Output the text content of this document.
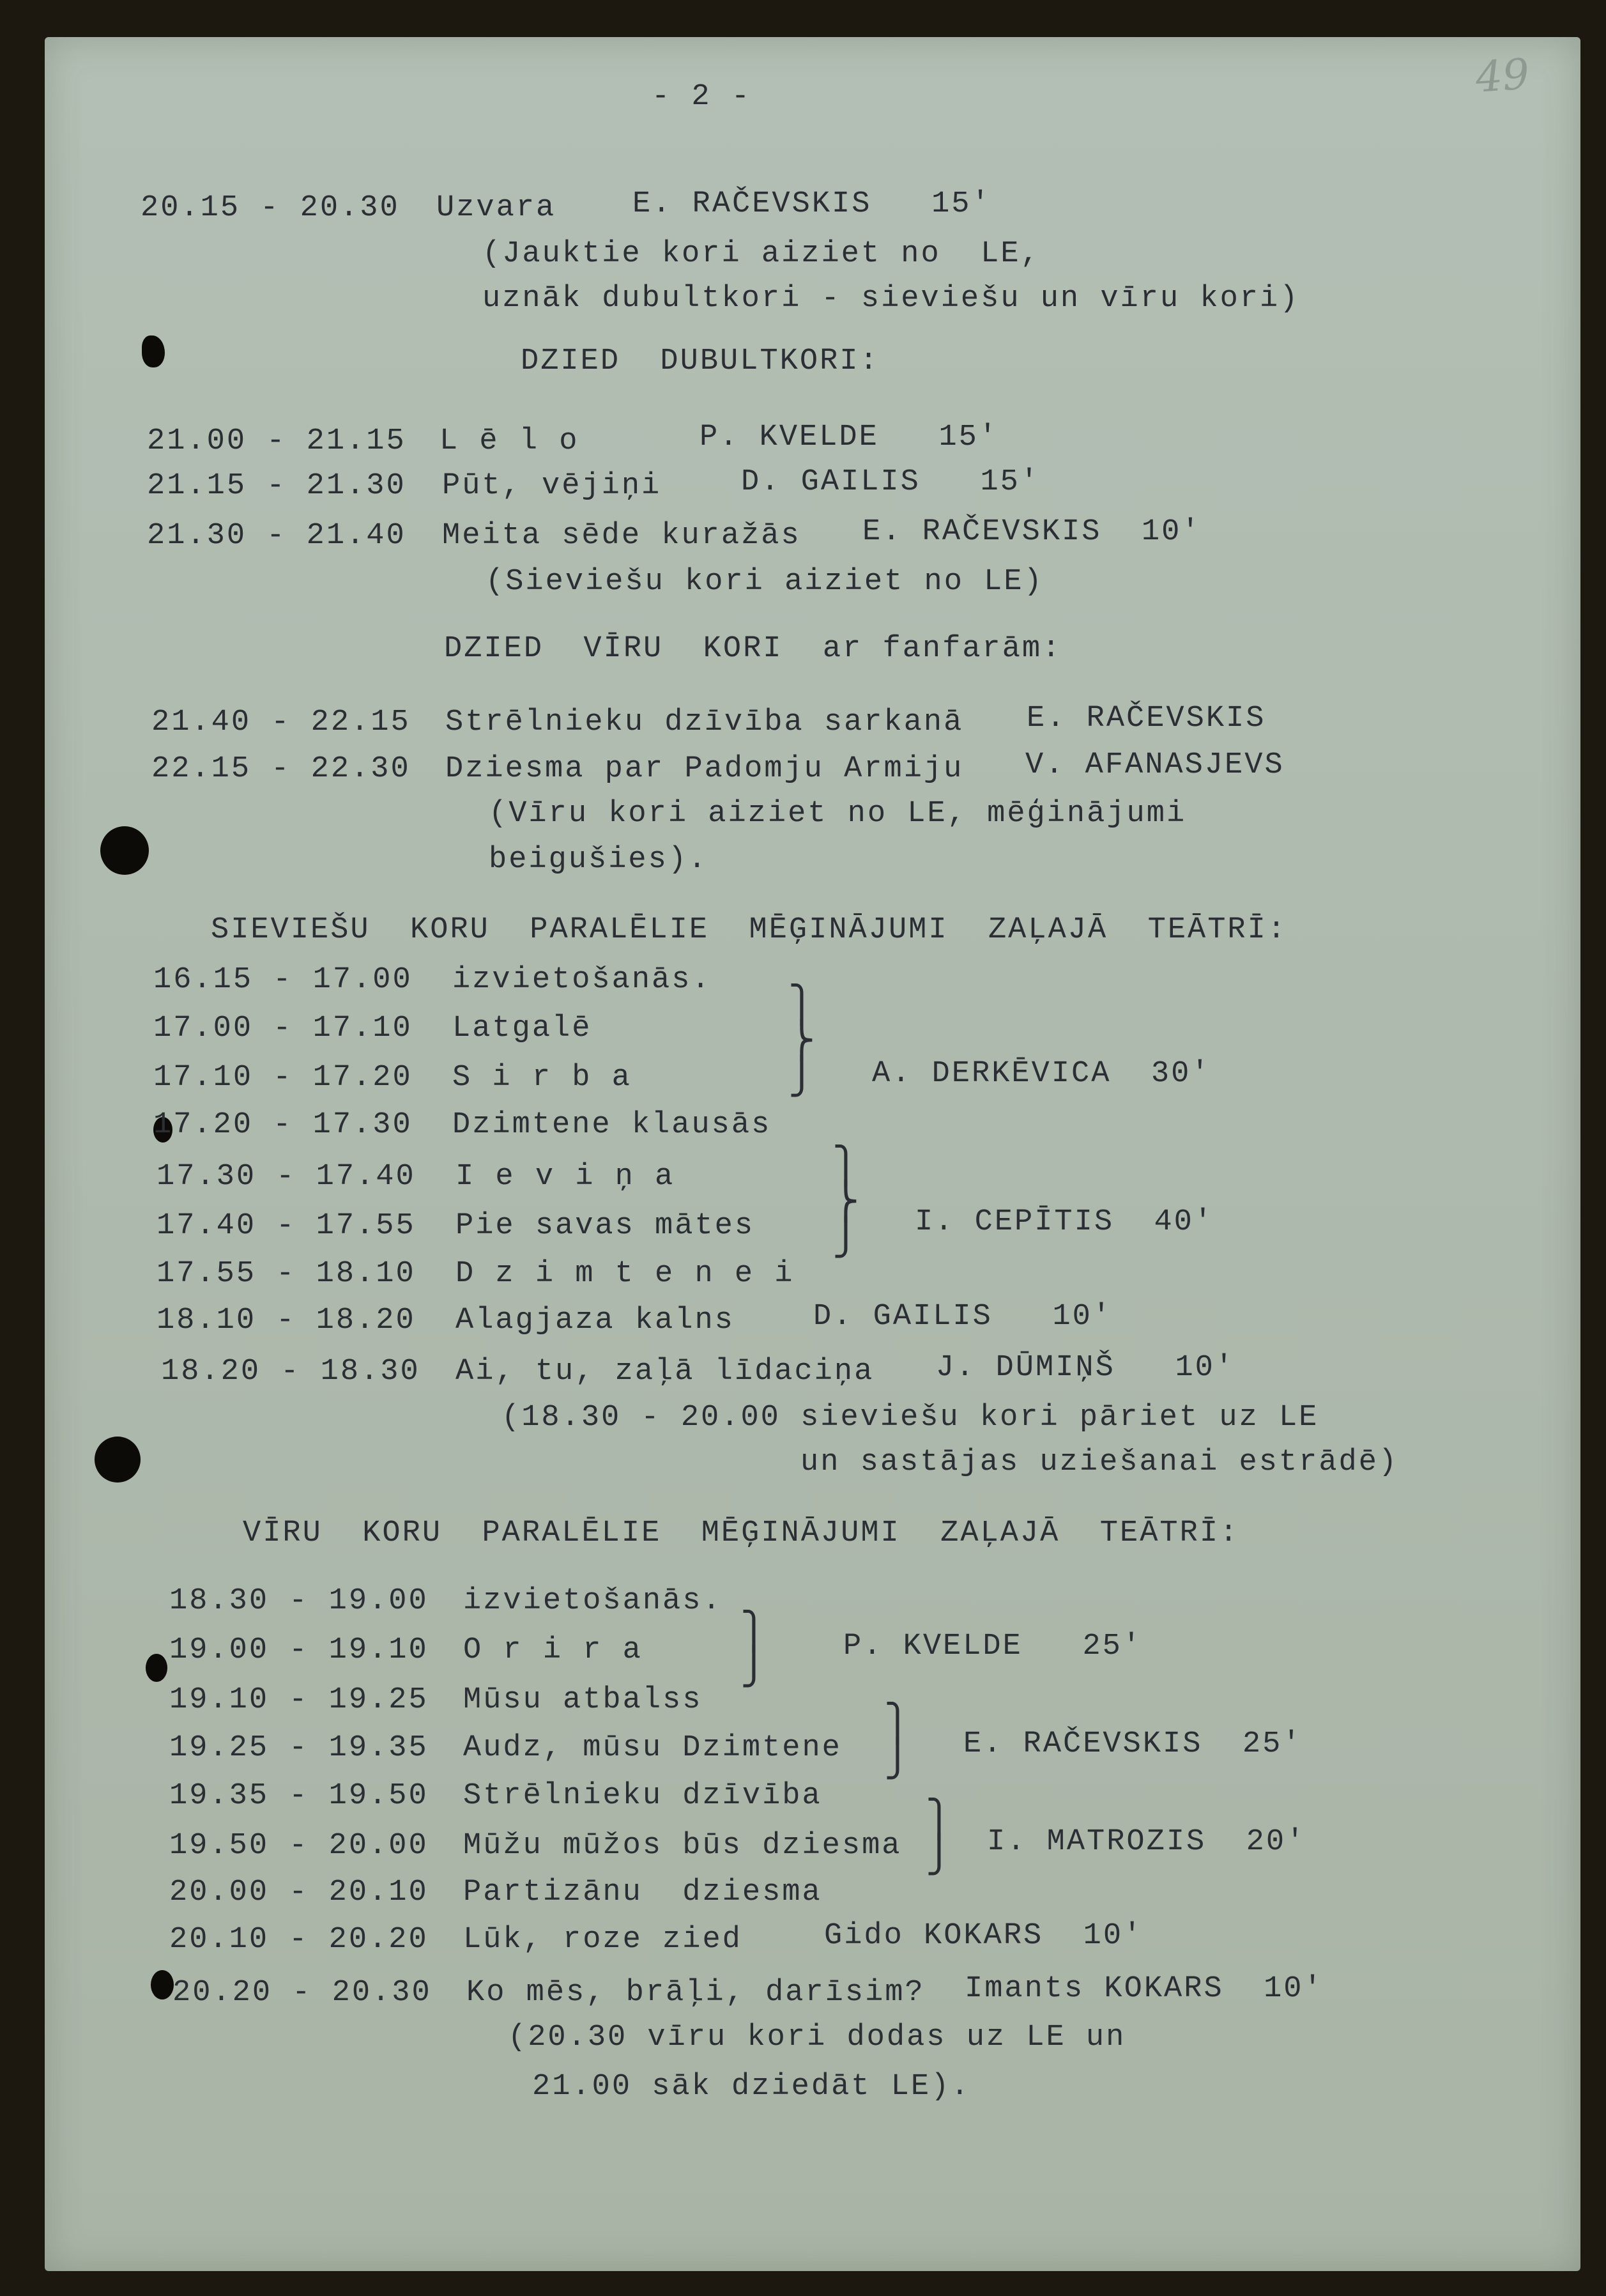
49
- 2 -
20.15 - 20.30 Uzvara	E. RAČEVSKIS   15'
(Jauktie kori aiziet no  LE,
uznāk dubultkori - sieviešu un vīru kori)
DZIED  DUBULTKORI:
21.00 - 21.15 L ē l o	P. KVELDE   15'
21.15 - 21.30 Pūt, vējiņi	D. GAILIS   15'
21.30 - 21.40 Meita sēde kuražās E. RAČEVSKIS  10'
(Sieviešu kori aiziet no LE)
DZIED  VĪRU  KORI  ar fanfarām:
21.40 - 22.15 Strēlnieku dzīvība sarkanā E. RAČEVSKIS
22.15 - 22.30 Dziesma par Padomju Armiju V. AFANASJEVS
(Vīru kori aiziet no LE, mēģinājumi
beigušies).
SIEVIEŠU  KORU  PARALĒLIE  MĒĢINĀJUMI  ZAĻAJĀ  TEĀTRĪ:
16.15 - 17.00 izvietošanās.
17.00 - 17.10 Latgalē
17.10 - 17.20 S i r b a	A. DERKĒVICA  30'
17.20 - 17.30 Dzimtene klausās
17.30 - 17.40 I e v i ņ a
17.40 - 17.55 Pie savas mātes	I. CEPĪTIS  40'
17.55 - 18.10 D z i m t e n e i
18.10 - 18.20 Alagjaza kalns	D. GAILIS   10'
18.20 - 18.30 Ai, tu, zaļā līdaciņa J. DŪMIŅŠ   10'
(18.30 - 20.00 sieviešu kori pāriet uz LE
un sastājas uziešanai estrādē)
VĪRU  KORU  PARALĒLIE  MĒĢINĀJUMI  ZAĻAJĀ  TEĀTRĪ:
18.30 - 19.00 izvietošanās.
19.00 - 19.10 O r i r a	P. KVELDE   25'
19.10 - 19.25 Mūsu atbalss
19.25 - 19.35 Audz, mūsu Dzimtene	E. RAČEVSKIS  25'
19.35 - 19.50 Strēlnieku dzīvība
19.50 - 20.00 Mūžu mūžos būs dziesma	I. MATROZIS  20'
20.00 - 20.10 Partizānu  dziesma
20.10 - 20.20 Lūk, roze zied	Gido KOKARS  10'
20.20 - 20.30 Ko mēs, brāļi, darīsim? Imants KOKARS  10'
(20.30 vīru kori dodas uz LE un
21.00 sāk dziedāt LE).
⎫
⎬
⎭
⎫
⎬
⎭
⎫
⎭
⎫
⎭
⎫
⎭
